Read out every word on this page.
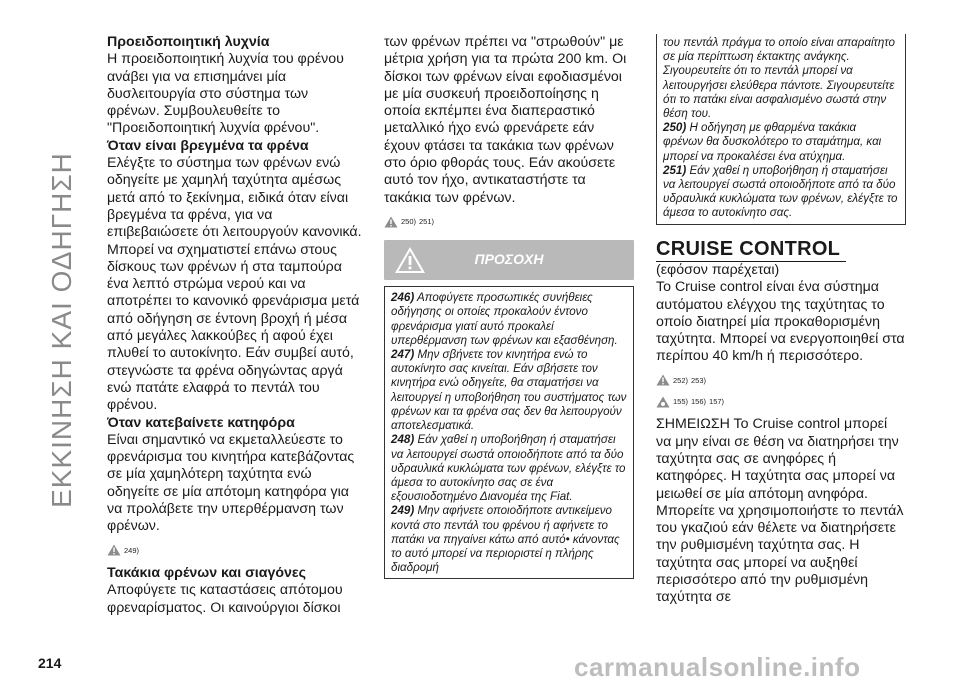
ΕΚΚΙΝΗΣΗ ΚΑΙ ΟΔΗΓΗΣΗ

Προειδοποιητική λυχνία

Η προειδοποιητική λυχνία του φρένου ανάβει για να επισημάνει μία δυσλειτουργία στο σύστημα των φρένων. Συμβουλευθείτε το "Προειδοποιητική λυχνία φρένου".

Όταν είναι βρεγμένα τα φρένα

Ελέγξτε το σύστημα των φρένων ενώ οδηγείτε με χαμηλή ταχύτητα αμέσως μετά από το ξεκίνημα, ειδικά όταν είναι βρεγμένα τα φρένα, για να επιβεβαιώσετε ότι λειτουργούν κανονικά.

Μπορεί να σχηματιστεί επάνω στους δίσκους των φρένων ή στα ταμπούρα ένα λεπτό στρώμα νερού και να αποτρέπει το κανονικό φρενάρισμα μετά από οδήγηση σε έντονη βροχή ή μέσα από μεγάλες λακκούβες ή αφού έχει πλυθεί το αυτοκίνητο. Εάν συμβεί αυτό, στεγνώστε τα φρένα οδηγώντας αργά ενώ πατάτε ελαφρά το πεντάλ του φρένου.

Όταν κατεβαίνετε κατηφόρα

Είναι σημαντικό να εκμεταλλεύεστε το φρενάρισμα του κινητήρα κατεβάζοντας σε μία χαμηλότερη ταχύτητα ενώ οδηγείτε σε μία απότομη κατηφόρα για να προλάβετε την υπερθέρμανση των φρένων.

249)

Τακάκια φρένων και σιαγόνες

Αποφύγετε τις καταστάσεις απότομου φρεναρίσματος. Οι καινούργιοι δίσκοι

των φρένων πρέπει να "στρωθούν" με μέτρια χρήση για τα πρώτα 200 km. Οι δίσκοι των φρένων είναι εφοδιασμένοι με μία συσκευή προειδοποίησης η οποία εκπέμπει ένα διαπεραστικό μεταλλικό ήχο ενώ φρενάρετε εάν έχουν φτάσει τα τακάκια των φρένων στο όριο φθοράς τους. Εάν ακούσετε αυτό τον ήχο, αντικαταστήστε τα τακάκια των φρένων.

250) 251)
ΠΡΟΣΟΧΗ

246) Αποφύγετε προσωπικές συνήθειες οδήγησης οι οποίες προκαλούν έντονο φρενάρισμα γιατί αυτό προκαλεί υπερθέρμανση των φρένων και εξασθένηση.

247) Μην σβήνετε τον κινητήρα ενώ το αυτοκίνητο σας κινείται. Εάν σβήσετε τον κινητήρα ενώ οδηγείτε, θα σταματήσει να λειτουργεί η υποβοήθηση του συστήματος των φρένων και τα φρένα σας δεν θα λειτουργούν αποτελεσματικά.

248) Εάν χαθεί η υποβοήθηση ή σταματήσει να λειτουργεί σωστά οποιοδήποτε από τα δύο υδραυλικά κυκλώματα των φρένων, ελέγξτε το άμεσα το αυτοκίνητο σας σε ένα εξουσιοδοτημένο Διανομέα της Fiat.

249) Μην αφήνετε οποιοδήποτε αντικείμενο κοντά στο πεντάλ του φρένου ή αφήνετε το πατάκι να πηγαίνει κάτω από αυτό• κάνοντας το αυτό μπορεί να περιοριστεί η πλήρης διαδρομή

του πεντάλ πράγμα το οποίο είναι απαραίτητο σε μία περίπτωση έκτακτης ανάγκης. Σιγουρευτείτε ότι το πεντάλ μπορεί να λειτουργήσει ελεύθερα πάντοτε. Σιγουρευτείτε ότι το πατάκι είναι ασφαλισμένο σωστά στην θέση του.

250) Η οδήγηση με φθαρμένα τακάκια φρένων θα δυσκολότερο το σταμάτημα, και μπορεί να προκαλέσει ένα ατύχημα.

251) Εάν χαθεί η υποβοήθηση ή σταματήσει να λειτουργεί σωστά οποιοδήποτε από τα δύο υδραυλικά κυκλώματα των φρένων, ελέγξτε το άμεσα το αυτοκίνητο σας.

CRUISE CONTROL

(εφόσον παρέχεται)

Το Cruise control είναι ένα σύστημα αυτόματου ελέγχου της ταχύτητας το οποίο διατηρεί μία προκαθορισμένη ταχύτητα. Μπορεί να ενεργοποιηθεί στα περίπου 40 km/h ή περισσότερο.

252) 253)
155) 156) 157)

ΣΗΜΕΙΩΣΗ Το Cruise control μπορεί να μην είναι σε θέση να διατηρήσει την ταχύτητα σας σε ανηφόρες ή κατηφόρες. Η ταχύτητα σας μπορεί να μειωθεί σε μία απότομη ανηφόρα. Μπορείτε να χρησιμοποιήστε το πεντάλ του γκαζιού εάν θέλετε να διατηρήσετε την ρυθμισμένη ταχύτητα σας. Η ταχύτητα σας μπορεί να αυξηθεί περισσότερο από την ρυθμισμένη ταχύτητα σε

214	carmanualsonline.info
